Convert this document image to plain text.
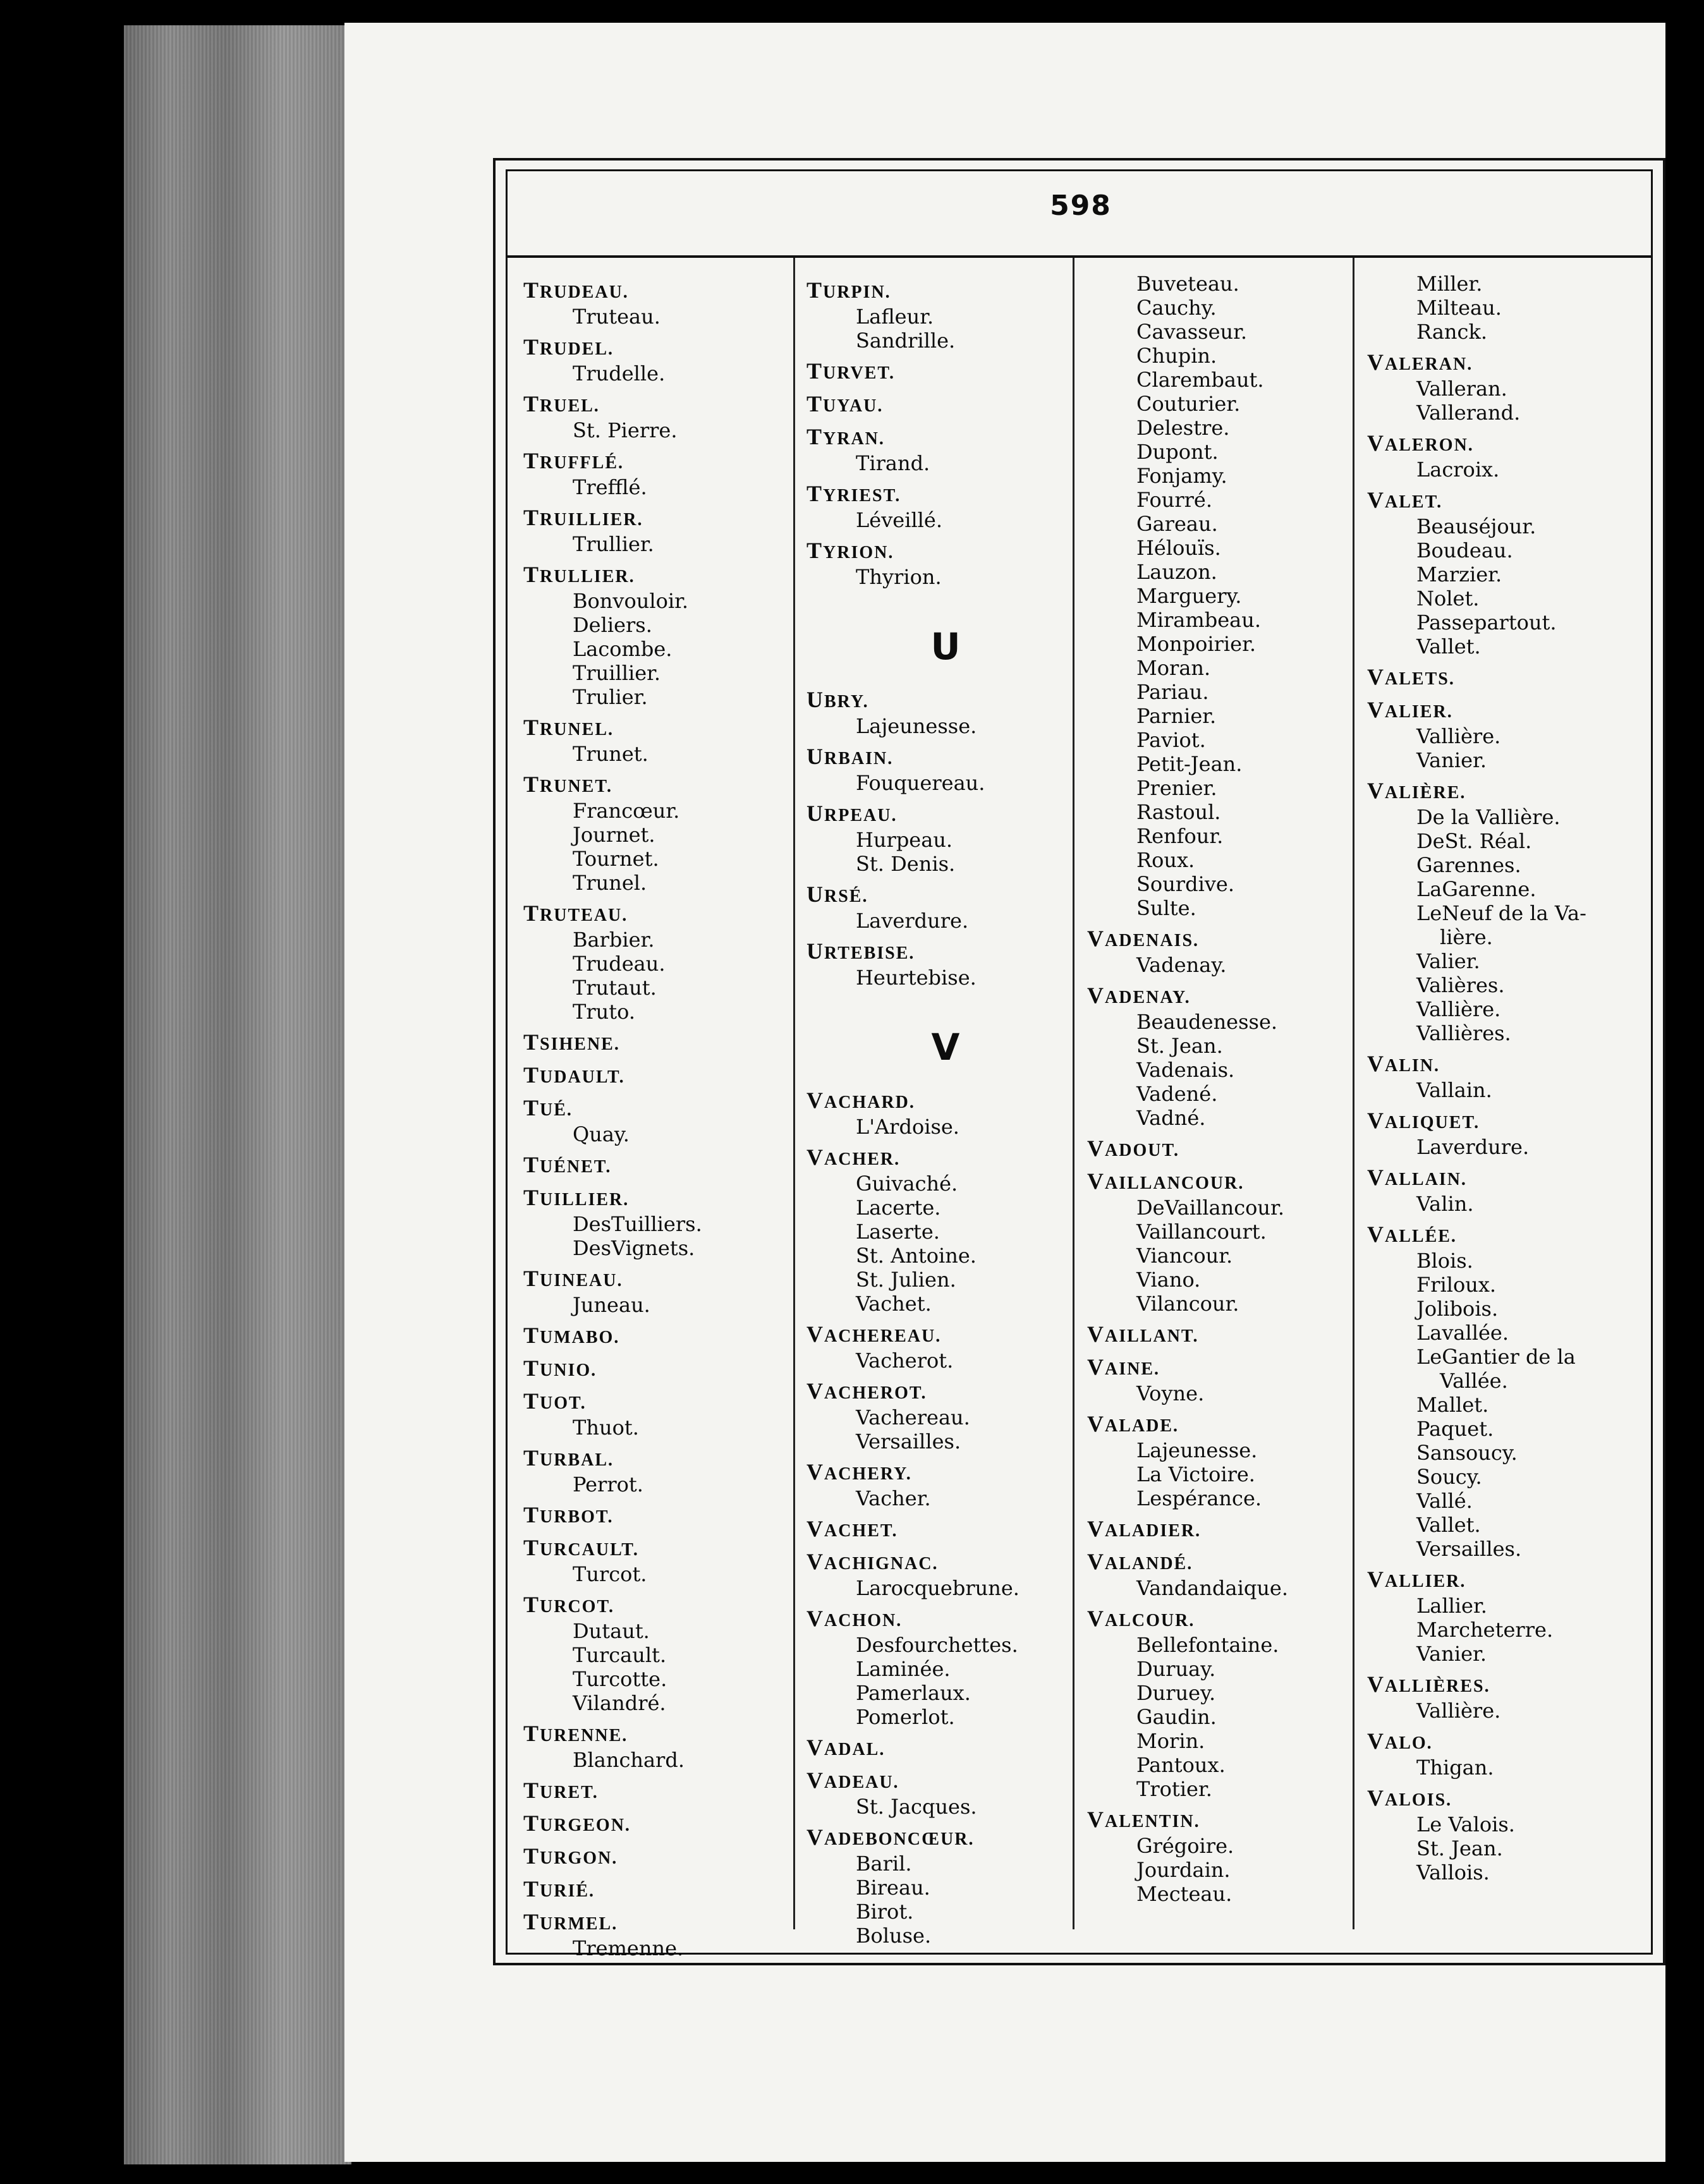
598
TRUDEAU.
Truteau.
TRUDEL.
Trudelle.
TRUEL.
St. Pierre.
TRUFFLÉ.
Trefflé.
TRUILLIER.
Trullier.
TRULLIER.
Bonvouloir.
Deliers.
Lacombe.
Truillier.
Trulier.
TRUNEL.
Trunet.
TRUNET.
Francœur.
Journet.
Tournet.
Trunel.
TRUTEAU.
Barbier.
Trudeau.
Trutaut.
Truto.
TSIHENE.
TUDAULT.
TUÉ.
Quay.
TUÉNET.
TUILLIER.
DesTuilliers.
DesVignets.
TUINEAU.
Juneau.
TUMABO.
TUNIO.
TUOT.
Thuot.
TURBAL.
Perrot.
TURBOT.
TURCAULT.
Turcot.
TURCOT.
Dutaut.
Turcault.
Turcotte.
Vilandré.
TURENNE.
Blanchard.
TURET.
TURGEON.
TURGON.
TURIÉ.
TURMEL.
Tremenne.
TURPIN.
Lafleur.
Sandrille.
TURVET.
TUYAU.
TYRAN.
Tirand.
TYRIEST.
Léveillé.
TYRION.
Thyrion.
U
UBRY.
Lajeunesse.
URBAIN.
Fouquereau.
URPEAU.
Hurpeau.
St. Denis.
URSÉ.
Laverdure.
URTEBISE.
Heurtebise.
V
VACHARD.
L'Ardoise.
VACHER.
Guivaché.
Lacerte.
Laserte.
St. Antoine.
St. Julien.
Vachet.
VACHEREAU.
Vacherot.
VACHEROT.
Vachereau.
Versailles.
VACHERY.
Vacher.
VACHET.
VACHIGNAC.
Larocquebrune.
VACHON.
Desfourchettes.
Laminée.
Pamerlaux.
Pomerlot.
VADAL.
VADEAU.
St. Jacques.
VADEBONCŒUR.
Baril.
Bireau.
Birot.
Boluse.
Buveteau.
Cauchy.
Cavasseur.
Chupin.
Clarembaut.
Couturier.
Delestre.
Dupont.
Fonjamy.
Fourré.
Gareau.
Hélouïs.
Lauzon.
Marguery.
Mirambeau.
Monpoirier.
Moran.
Pariau.
Parnier.
Paviot.
Petit-Jean.
Prenier.
Rastoul.
Renfour.
Roux.
Sourdive.
Sulte.
VADENAIS.
Vadenay.
VADENAY.
Beaudenesse.
St. Jean.
Vadenais.
Vadené.
Vadné.
VADOUT.
VAILLANCOUR.
DeVaillancour.
Vaillancourt.
Viancour.
Viano.
Vilancour.
VAILLANT.
VAINE.
Voyne.
VALADE.
Lajeunesse.
La Victoire.
Lespérance.
VALADIER.
VALANDÉ.
Vandandaique.
VALCOUR.
Bellefontaine.
Duruay.
Duruey.
Gaudin.
Morin.
Pantoux.
Trotier.
VALENTIN.
Grégoire.
Jourdain.
Mecteau.
Miller.
Milteau.
Ranck.
VALERAN.
Valleran.
Vallerand.
VALERON.
Lacroix.
VALET.
Beauséjour.
Boudeau.
Marzier.
Nolet.
Passepartout.
Vallet.
VALETS.
VALIER.
Vallière.
Vanier.
VALIÈRE.
De la Vallière.
DeSt. Réal.
Garennes.
LaGarenne.
LeNeuf de la Va-
lière.
Valier.
Valières.
Vallière.
Vallières.
VALIN.
Vallain.
VALIQUET.
Laverdure.
VALLAIN.
Valin.
VALLÉE.
Blois.
Friloux.
Jolibois.
Lavallée.
LeGantier de la
Vallée.
Mallet.
Paquet.
Sansoucy.
Soucy.
Vallé.
Vallet.
Versailles.
VALLIER.
Lallier.
Marcheterre.
Vanier.
VALLIÈRES.
Vallière.
VALO.
Thigan.
VALOIS.
Le Valois.
St. Jean.
Vallois.
